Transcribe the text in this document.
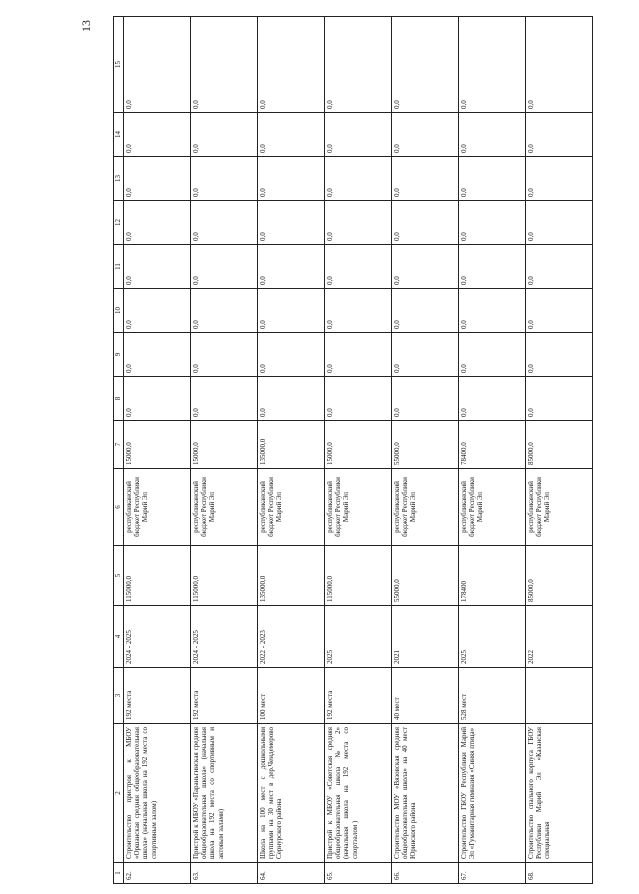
13
1	2	3	4	5	6	7	8	9	10	11	12	13	14	15
62.	Строительство пристроя к МБОУ «Оршанская средняя общеобразовательная школа» (начальная школа на 192 места со спортивным залом)	192 места	2024 - 2025	115000,0	республиканский бюджет Республики Марий Эл	15000,0	0,0	0,0	0,0	0,0	0,0	0,0	0,0	0,0
63.	Пристрой к МБОУ «Параньгинская средняя общеобразовательная школа» (начальная школа на 192 места со спортивным и актовым залами)	192 места	2024 - 2025	115000,0	республиканский бюджет Республики Марий Эл	15000,0	0,0	0,0	0,0	0,0	0,0	0,0	0,0	0,0
64.	Школа на 100 мест с дошкольными группами на 30 мест в дер.Чендемерово Сернурского района	100 мест	2022 - 2023	135000,0	республиканский бюджет Республики Марий Эл	135000,0	0,0	0,0	0,0	0,0	0,0	0,0	0,0	0,0
65.	Пристрой к МБОУ «Советская средняя общеобразовательная школа № 2» (начальная школа на 192 места со спортзалом )	192 места	2025	115000,0	республиканский бюджет Республики Марий Эл	15000,0	0,0	0,0	0,0	0,0	0,0	0,0	0,0	0,0
66.	Строительство МОУ «Вязовская средняя общеобразовательная школа» на 40 мест Юринского района	40 мест	2021	55000,0	республиканский бюджет Республики Марий Эл	55000,0	0,0	0,0	0,0	0,0	0,0	0,0	0,0	0,0
67.	Строительство ГБОУ Республики Марий Эл «Гуманитарная гимназия «Синяя птица»	528 мест	2025	178400	республиканский бюджет Республики Марий Эл	78400,0	0,0	0,0	0,0	0,0	0,0	0,0	0,0	0,0
68.	Строительство спального корпуса ГБОУ Республики Марий Эл «Казанская специальная		2022	85000,0	республиканский бюджет Республики Марий Эл	85000,0	0,0	0,0	0,0	0,0	0,0	0,0	0,0	0,0
